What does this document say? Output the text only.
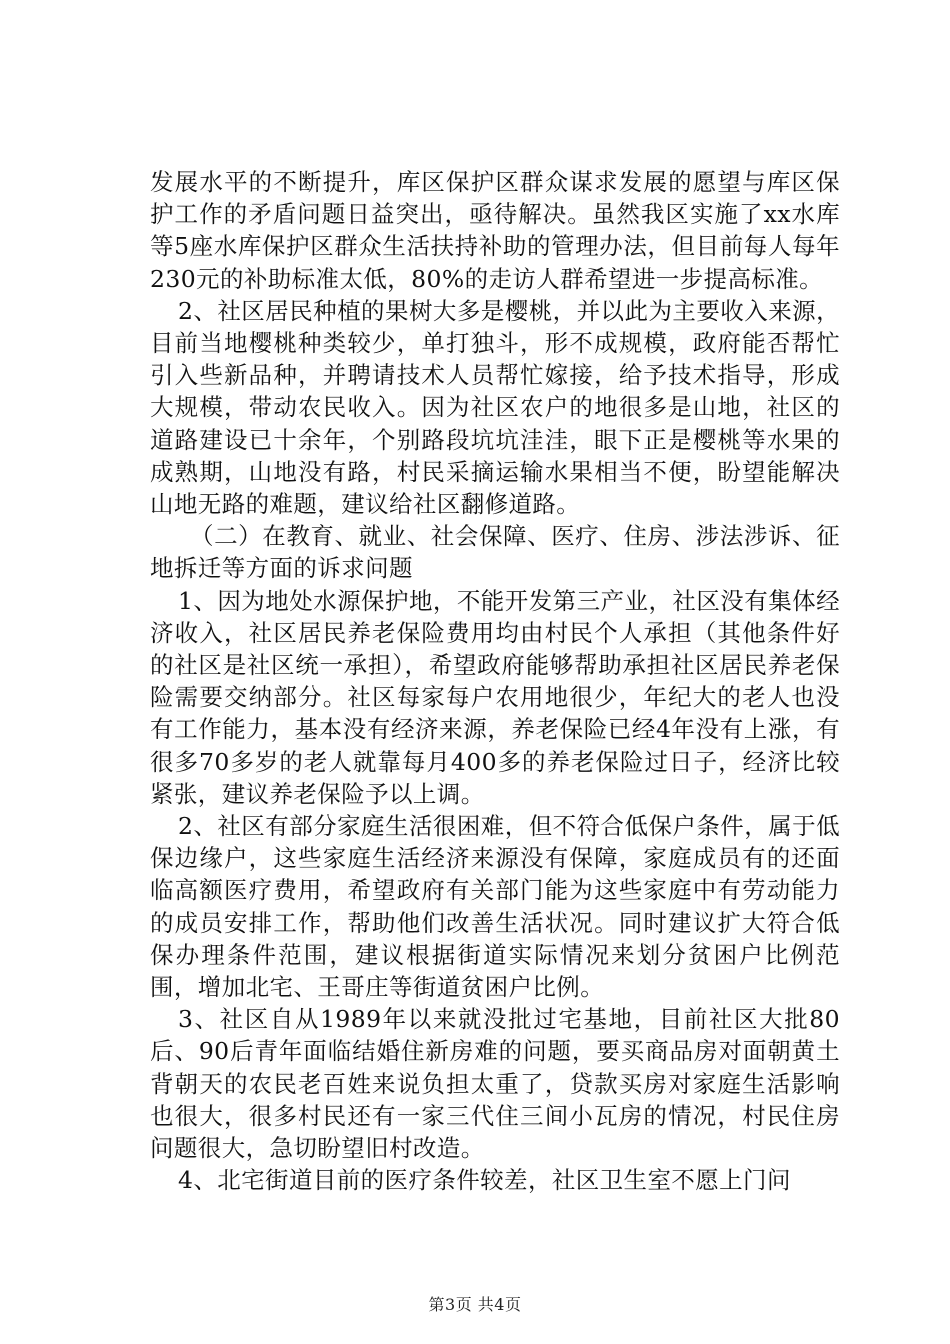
发展水平的不断提升，库区保护区群众谋求发展的愿望与库区保护工作的矛盾问题日益突出，亟待解决。虽然我区实施了xx水库等5座水库保护区群众生活扶持补助的管理办法，但目前每人每年230元的补助标准太低，80%的走访人群希望进一步提高标准。

2、社区居民种植的果树大多是樱桃，并以此为主要收入来源，目前当地樱桃种类较少，单打独斗，形不成规模，政府能否帮忙引入些新品种，并聘请技术人员帮忙嫁接，给予技术指导，形成大规模，带动农民收入。因为社区农户的地很多是山地，社区的道路建设已十余年，个别路段坑坑洼洼，眼下正是樱桃等水果的成熟期，山地没有路，村民采摘运输水果相当不便，盼望能解决山地无路的难题，建议给社区翻修道路。

（二）在教育、就业、社会保障、医疗、住房、涉法涉诉、征地拆迁等方面的诉求问题

1、因为地处水源保护地，不能开发第三产业，社区没有集体经济收入，社区居民养老保险费用均由村民个人承担（其他条件好的社区是社区统一承担），希望政府能够帮助承担社区居民养老保险需要交纳部分。社区每家每户农用地很少，年纪大的老人也没有工作能力，基本没有经济来源，养老保险已经4年没有上涨，有很多70多岁的老人就靠每月400多的养老保险过日子，经济比较紧张，建议养老保险予以上调。

2、社区有部分家庭生活很困难，但不符合低保户条件，属于低保边缘户，这些家庭生活经济来源没有保障，家庭成员有的还面临高额医疗费用，希望政府有关部门能为这些家庭中有劳动能力的成员安排工作，帮助他们改善生活状况。同时建议扩大符合低保办理条件范围，建议根据街道实际情况来划分贫困户比例范围，增加北宅、王哥庄等街道贫困户比例。

3、社区自从1989年以来就没批过宅基地，目前社区大批80后、90后青年面临结婚住新房难的问题，要买商品房对面朝黄土背朝天的农民老百姓来说负担太重了，贷款买房对家庭生活影响也很大，很多村民还有一家三代住三间小瓦房的情况，村民住房问题很大，急切盼望旧村改造。

4、北宅街道目前的医疗条件较差，社区卫生室不愿上门问

第3页 共4页
